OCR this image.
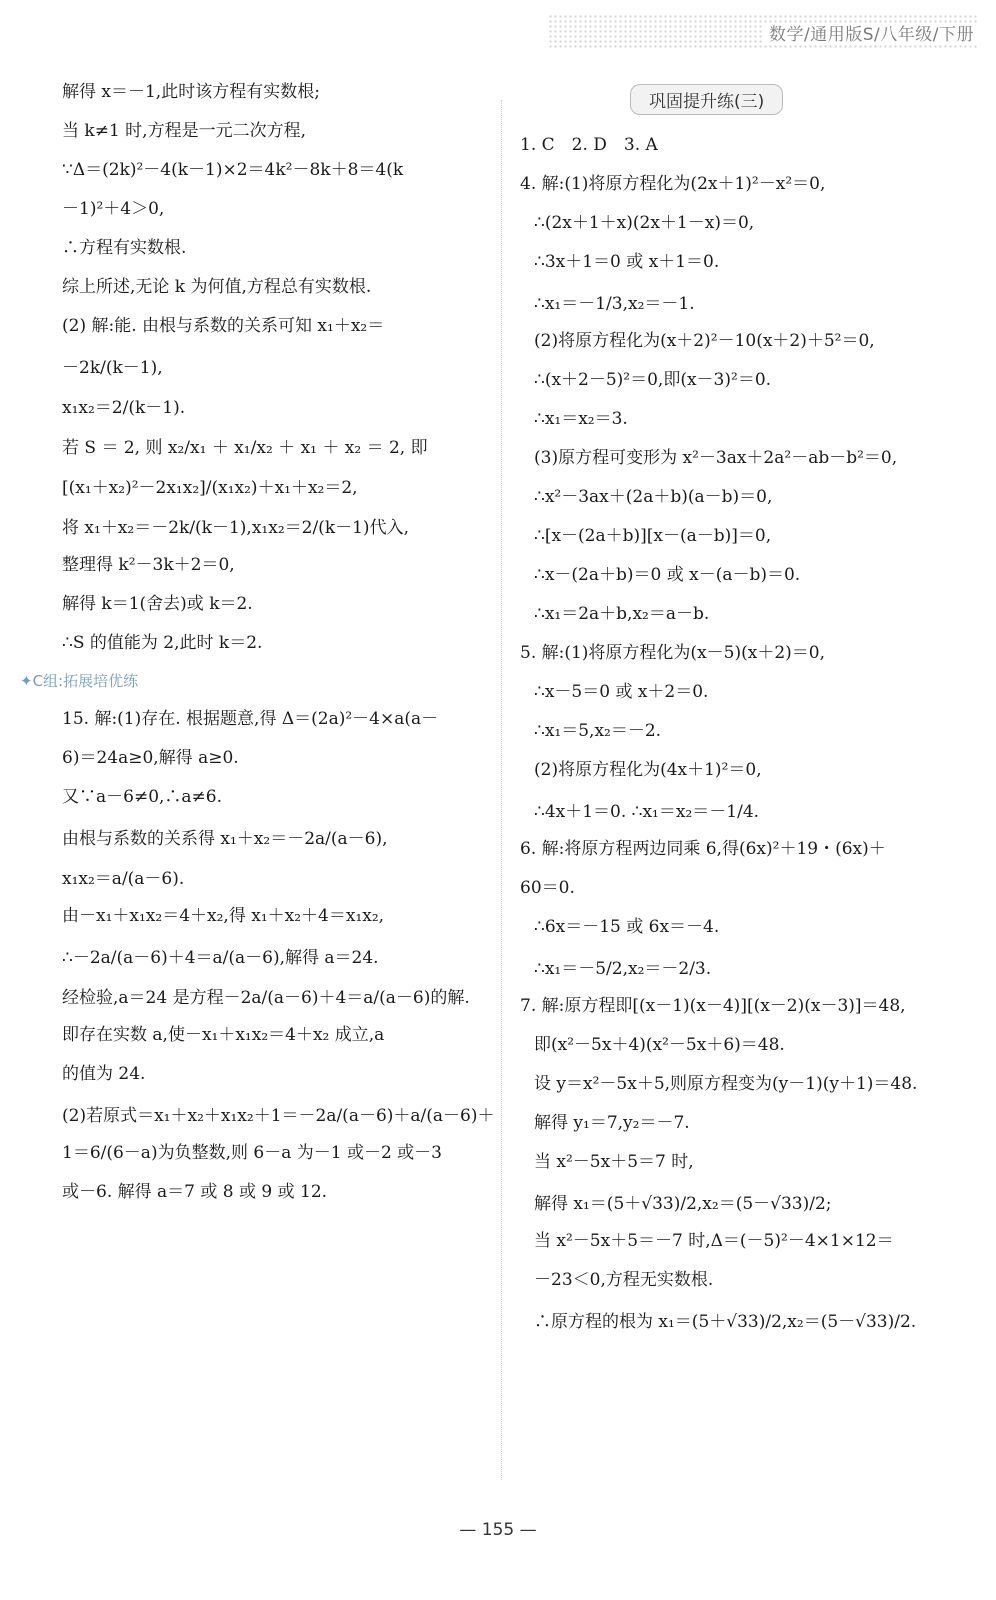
数学/通用版S/八年级/下册
解得 x＝－1,此时该方程有实数根;
当 k≠1 时,方程是一元二次方程,
∵Δ＝(2k)²－4(k－1)×2＝4k²－8k＋8＝4(k
－1)²＋4＞0,
∴方程有实数根.
综上所述,无论 k 为何值,方程总有实数根.
(2) 解:能. 由根与系数的关系可知 x₁＋x₂＝
－2k/(k－1),
x₁x₂＝2/(k－1).
若 S ＝ 2, 则 x₂/x₁ ＋ x₁/x₂ ＋ x₁ ＋ x₂ ＝ 2, 即
[(x₁＋x₂)²－2x₁x₂]/(x₁x₂)＋x₁＋x₂＝2,
将 x₁＋x₂＝－2k/(k－1),x₁x₂＝2/(k－1)代入,
整理得 k²－3k＋2＝0,
解得 k＝1(舍去)或 k＝2.
∴S 的值能为 2,此时 k＝2.
✦C组:拓展培优练
15. 解:(1)存在. 根据题意,得 Δ＝(2a)²－4×a(a－
6)＝24a≥0,解得 a≥0.
又∵a－6≠0,∴a≠6.
由根与系数的关系得 x₁＋x₂＝－2a/(a－6),
x₁x₂＝a/(a－6).
由－x₁＋x₁x₂＝4＋x₂,得 x₁＋x₂＋4＝x₁x₂,
∴－2a/(a－6)＋4＝a/(a－6),解得 a＝24.
经检验,a＝24 是方程－2a/(a－6)＋4＝a/(a－6)的解.
即存在实数 a,使－x₁＋x₁x₂＝4＋x₂ 成立,a
的值为 24.
(2)若原式＝x₁＋x₂＋x₁x₂＋1＝－2a/(a－6)＋a/(a－6)＋
1＝6/(6－a)为负整数,则 6－a 为－1 或－2 或－3
或－6. 解得 a＝7 或 8 或 9 或 12.
巩固提升练(三)
1. C　2. D　3. A
4. 解:(1)将原方程化为(2x＋1)²－x²＝0,
∴(2x＋1＋x)(2x＋1－x)＝0,
∴3x＋1＝0 或 x＋1＝0.
∴x₁＝－1/3,x₂＝－1.
(2)将原方程化为(x＋2)²－10(x＋2)＋5²＝0,
∴(x＋2－5)²＝0,即(x－3)²＝0.
∴x₁＝x₂＝3.
(3)原方程可变形为 x²－3ax＋2a²－ab－b²＝0,
∴x²－3ax＋(2a＋b)(a－b)＝0,
∴[x－(2a＋b)][x－(a－b)]＝0,
∴x－(2a＋b)＝0 或 x－(a－b)＝0.
∴x₁＝2a＋b,x₂＝a－b.
5. 解:(1)将原方程化为(x－5)(x＋2)＝0,
∴x－5＝0 或 x＋2＝0.
∴x₁＝5,x₂＝－2.
(2)将原方程化为(4x＋1)²＝0,
∴4x＋1＝0. ∴x₁＝x₂＝－1/4.
6. 解:将原方程两边同乘 6,得(6x)²＋19・(6x)＋
60＝0.
∴6x＝－15 或 6x＝－4.
∴x₁＝－5/2,x₂＝－2/3.
7. 解:原方程即[(x－1)(x－4)][(x－2)(x－3)]＝48,
即(x²－5x＋4)(x²－5x＋6)＝48.
设 y＝x²－5x＋5,则原方程变为(y－1)(y＋1)＝48.
解得 y₁＝7,y₂＝－7.
当 x²－5x＋5＝7 时,
解得 x₁＝(5＋√33)/2,x₂＝(5－√33)/2;
当 x²－5x＋5＝－7 时,Δ＝(－5)²－4×1×12＝
－23＜0,方程无实数根.
∴原方程的根为 x₁＝(5＋√33)/2,x₂＝(5－√33)/2.
— 155 —
